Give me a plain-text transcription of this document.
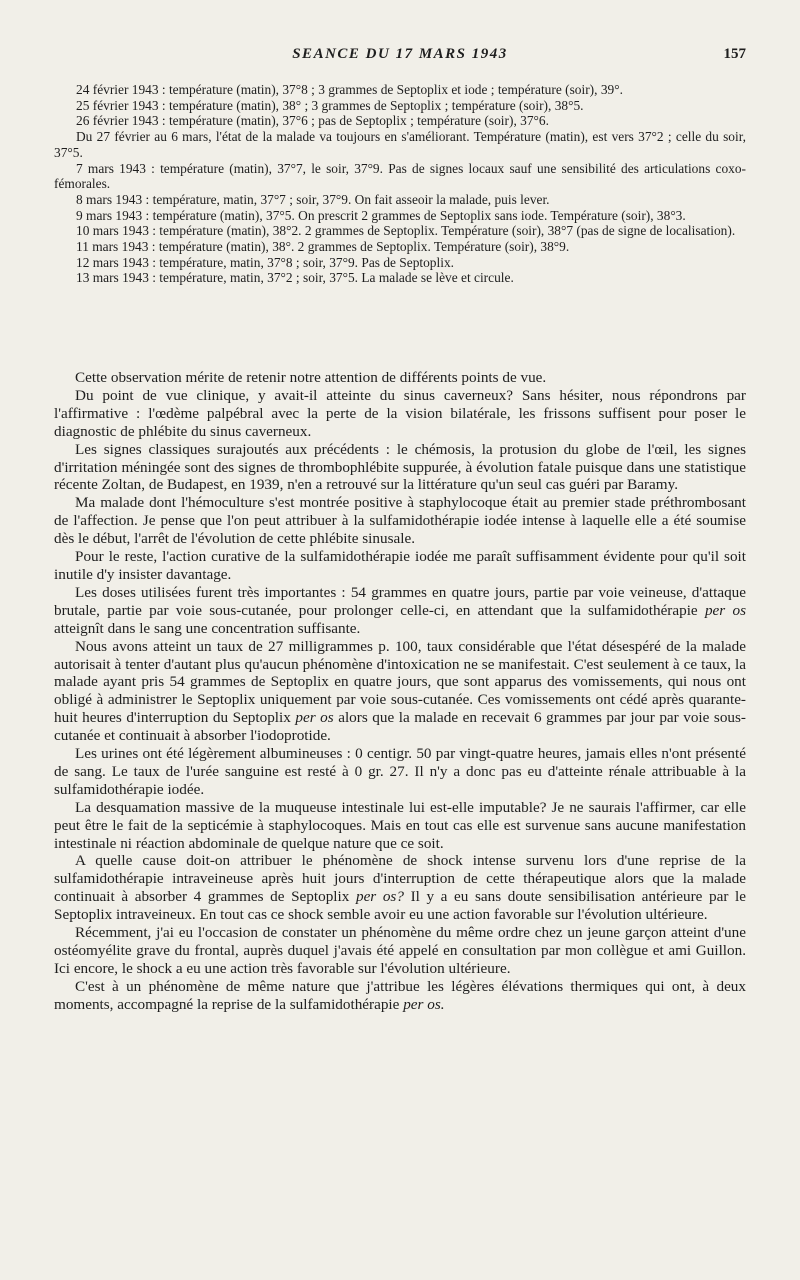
SEANCE DU 17 MARS 1943	157

24 février 1943 : température (matin), 37°8 ; 3 grammes de Septoplix et iode ; température (soir), 39°.

25 février 1943 : température (matin), 38° ; 3 grammes de Septoplix ; température (soir), 38°5.

26 février 1943 : température (matin), 37°6 ; pas de Septoplix ; température (soir), 37°6.

Du 27 février au 6 mars, l'état de la malade va toujours en s'améliorant. Température (matin), est vers 37°2 ; celle du soir, 37°5.

7 mars 1943 : température (matin), 37°7, le soir, 37°9. Pas de signes locaux sauf une sensibilité des articulations coxo-fémorales.

8 mars 1943 : température, matin, 37°7 ; soir, 37°9. On fait asseoir la malade, puis lever.

9 mars 1943 : température (matin), 37°5. On prescrit 2 grammes de Septoplix sans iode. Température (soir), 38°3.

10 mars 1943 : température (matin), 38°2. 2 grammes de Septoplix. Température (soir), 38°7 (pas de signe de localisation).

11 mars 1943 : température (matin), 38°. 2 grammes de Septoplix. Température (soir), 38°9.

12 mars 1943 : température, matin, 37°8 ; soir, 37°9. Pas de Septoplix.

13 mars 1943 : température, matin, 37°2 ; soir, 37°5. La malade se lève et circule.

Cette observation mérite de retenir notre attention de différents points de vue.

Du point de vue clinique, y avait-il atteinte du sinus caverneux? Sans hésiter, nous répondrons par l'affirmative : l'œdème palpébral avec la perte de la vision bilatérale, les frissons suffisent pour poser le diagnostic de phlébite du sinus caverneux.

Les signes classiques surajoutés aux précédents : le chémosis, la protusion du globe de l'œil, les signes d'irritation méningée sont des signes de thrombophlébite suppurée, à évolution fatale puisque dans une statistique récente Zoltan, de Budapest, en 1939, n'en a retrouvé sur la littérature qu'un seul cas guéri par Baramy.

Ma malade dont l'hémoculture s'est montrée positive à staphylocoque était au premier stade préthrombosant de l'affection. Je pense que l'on peut attribuer à la sulfamidothérapie iodée intense à laquelle elle a été soumise dès le début, l'arrêt de l'évolution de cette phlébite sinusale.

Pour le reste, l'action curative de la sulfamidothérapie iodée me paraît suffisamment évidente pour qu'il soit inutile d'y insister davantage.

Les doses utilisées furent très importantes : 54 grammes en quatre jours, partie par voie veineuse, d'attaque brutale, partie par voie sous-cutanée, pour prolonger celle-ci, en attendant que la sulfamidothérapie per os atteignît dans le sang une concentration suffisante.

Nous avons atteint un taux de 27 milligrammes p. 100, taux considérable que l'état désespéré de la malade autorisait à tenter d'autant plus qu'aucun phénomène d'intoxication ne se manifestait. C'est seulement à ce taux, la malade ayant pris 54 grammes de Septoplix en quatre jours, que sont apparus des vomissements, qui nous ont obligé à administrer le Septoplix uniquement par voie sous-cutanée. Ces vomissements ont cédé après quarante-huit heures d'interruption du Septoplix per os alors que la malade en recevait 6 grammes par jour par voie sous-cutanée et continuait à absorber l'iodoprotide.

Les urines ont été légèrement albumineuses : 0 centigr. 50 par vingt-quatre heures, jamais elles n'ont présenté de sang. Le taux de l'urée sanguine est resté à 0 gr. 27. Il n'y a donc pas eu d'atteinte rénale attribuable à la sulfamidothérapie iodée.

La desquamation massive de la muqueuse intestinale lui est-elle imputable? Je ne saurais l'affirmer, car elle peut être le fait de la septicémie à staphylocoques. Mais en tout cas elle est survenue sans aucune manifestation intestinale ni réaction abdominale de quelque nature que ce soit.

A quelle cause doit-on attribuer le phénomène de shock intense survenu lors d'une reprise de la sulfamidothérapie intraveineuse après huit jours d'interruption de cette thérapeutique alors que la malade continuait à absorber 4 grammes de Septoplix per os? Il y a eu sans doute sensibilisation antérieure par le Septoplix intraveineux. En tout cas ce shock semble avoir eu une action favorable sur l'évolution ultérieure.

Récemment, j'ai eu l'occasion de constater un phénomène du même ordre chez un jeune garçon atteint d'une ostéomyélite grave du frontal, auprès duquel j'avais été appelé en consultation par mon collègue et ami Guillon. Ici encore, le shock a eu une action très favorable sur l'évolution ultérieure.

C'est à un phénomène de même nature que j'attribue les légères élévations thermiques qui ont, à deux moments, accompagné la reprise de la sulfamidothérapie per os.
